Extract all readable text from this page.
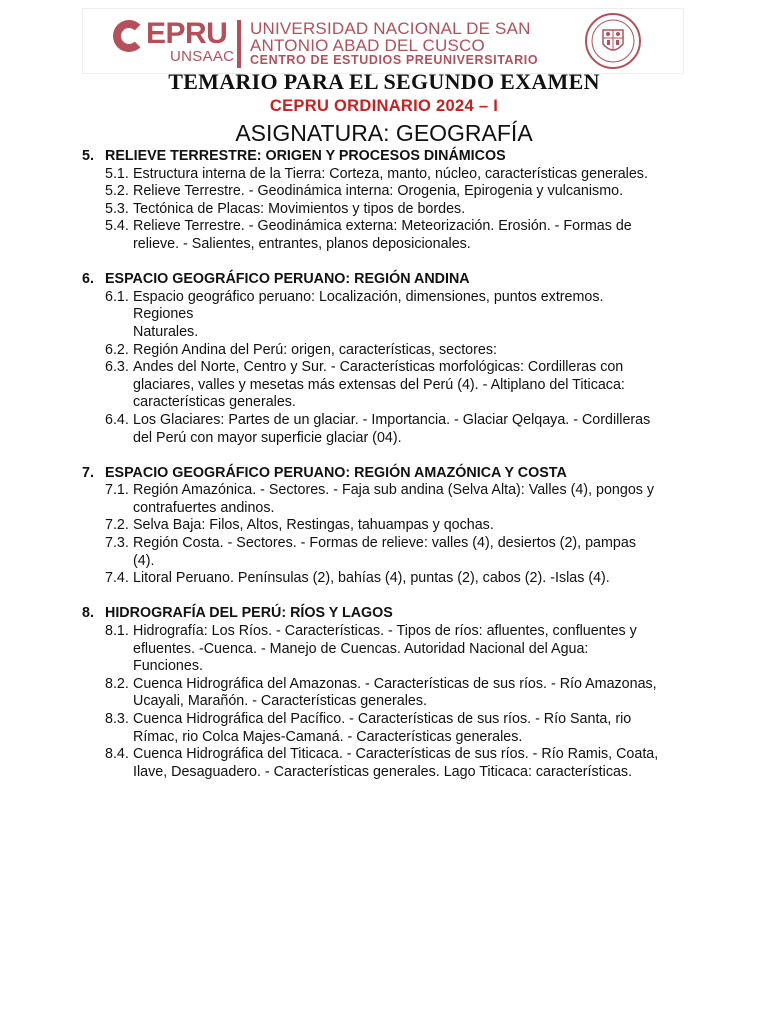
EPRU
UNSAAC
UNIVERSIDAD NACIONAL DE SAN
ANTONIO ABAD DEL CUSCO
CENTRO DE ESTUDIOS PREUNIVERSITARIO
TEMARIO PARA EL SEGUNDO EXAMEN
CEPRU ORDINARIO 2024 – I
ASIGNATURA: GEOGRAFÍA
5. RELIEVE TERRESTRE: ORIGEN Y PROCESOS DINÁMICOS
5.1. Estructura interna de la Tierra: Corteza, manto, núcleo, características generales.
5.2. Relieve Terrestre. - Geodinámica interna: Orogenia, Epirogenia y vulcanismo.
5.3. Tectónica de Placas: Movimientos y tipos de bordes.
5.4. Relieve Terrestre. - Geodinámica externa: Meteorización. Erosión. - Formas de
relieve. - Salientes, entrantes, planos deposicionales.
6. ESPACIO GEOGRÁFICO PERUANO: REGIÓN ANDINA
6.1. Espacio geográfico peruano: Localización, dimensiones, puntos extremos.
Regiones
Naturales.
6.2. Región Andina del Perú: origen, características, sectores:
6.3. Andes del Norte, Centro y Sur. - Características morfológicas: Cordilleras con
glaciares, valles y mesetas más extensas del Perú (4). - Altiplano del Titicaca:
características generales.
6.4. Los Glaciares: Partes de un glaciar. - Importancia. - Glaciar Qelqaya. - Cordilleras
del Perú con mayor superficie glaciar (04).
7. ESPACIO GEOGRÁFICO PERUANO: REGIÓN AMAZÓNICA Y COSTA
7.1. Región Amazónica. - Sectores. - Faja sub andina (Selva Alta): Valles (4), pongos y
contrafuertes andinos.
7.2. Selva Baja: Filos, Altos, Restingas, tahuampas y qochas.
7.3. Región Costa. - Sectores. - Formas de relieve: valles (4), desiertos (2), pampas
(4).
7.4. Litoral Peruano. Penínsulas (2), bahías (4), puntas (2), cabos (2). -Islas (4).
8. HIDROGRAFÍA DEL PERÚ: RÍOS Y LAGOS
8.1. Hidrografía: Los Ríos. - Características. - Tipos de ríos: afluentes, confluentes y
efluentes. -Cuenca. - Manejo de Cuencas. Autoridad Nacional del Agua:
Funciones.
8.2. Cuenca Hidrográfica del Amazonas. - Características de sus ríos. - Río Amazonas,
Ucayali, Marañón. - Características generales.
8.3. Cuenca Hidrográfica del Pacífico. - Características de sus ríos. - Río Santa, rio
Rímac, rio Colca Majes-Camaná. - Características generales.
8.4. Cuenca Hidrográfica del Titicaca. - Características de sus ríos. - Río Ramis, Coata,
Ilave, Desaguadero. - Características generales. Lago Titicaca: características.
